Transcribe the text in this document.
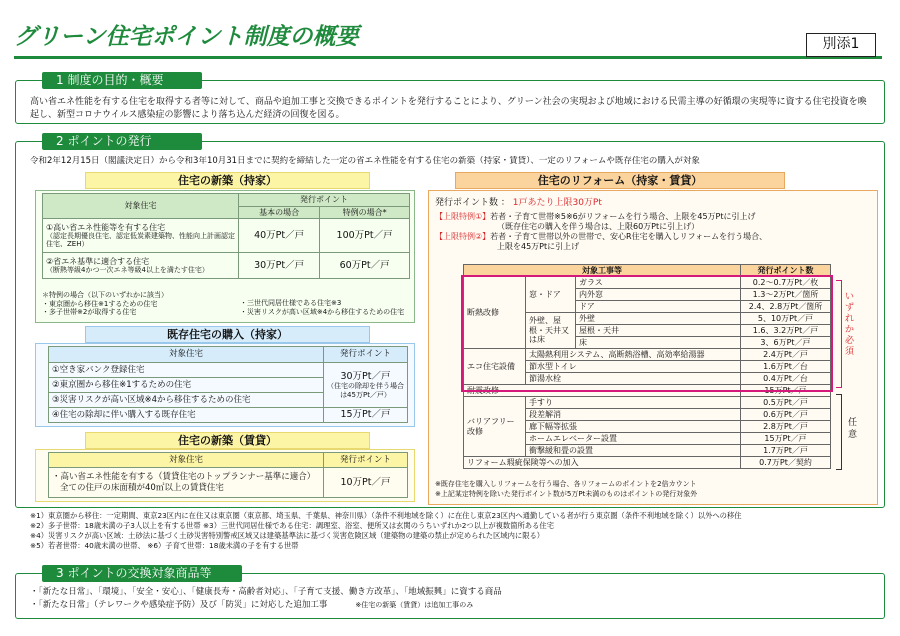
グリーン住宅ポイント制度の概要	別添1
1 制度の目的・概要
高い省エネ性能を有する住宅を取得する者等に対して、商品や追加工事と交換できるポイントを発行することにより、グリーン社会の実現および地域における民需主導の好循環の実現等に資する住宅投資を喚起し、新型コロナウイルス感染症の影響により落ち込んだ経済の回復を図る。
2 ポイントの発行
令和2年12月15日（閣議決定日）から令和3年10月31日までに契約を締結した一定の省エネ性能を有する住宅の新築（持家・賃貸）、一定のリフォームや既存住宅の購入が対象
住宅の新築（持家）
対象住宅	発行ポイント	
	基本の場合	特例の場合*

①高い省エネ性能等を有する住宅
（認定長期優良住宅、認定低炭素建築物、性能向上計画認定住宅、ZEH）	40万Pt／戸	100万Pt／戸

②省エネ基準に適合する住宅
（断熱等級4かつ一次エネ等級4以上を満たす住宅）	30万Pt／戸	60万Pt／戸
＊特例の場合（以下のいずれかに該当）
・東京圏から移住※1するための住宅
・多子世帯※2が取得する住宅
・三世代同居仕様である住宅※3
・災害リスクが高い区域※4から移住するための住宅
既存住宅の購入（持家）
対象住宅	発行ポイント
①空き家バンク登録住宅	30万Pt／戸
（住宅の除却を伴う場合は45万Pt／戸）

②東京圏から移住※1するための住宅	
③災害リスクが高い区域※4から移住するための住宅	
④住宅の除却に伴い購入する既存住宅	15万Pt／戸
住宅の新築（賃貸）
対象住宅	発行ポイント

・高い省エネ性能を有する（賃貸住宅のトップランナー基準に適合）
全ての住戸の床面積が40㎡以上の賃貸住宅	10万Pt／戸
住宅のリフォーム（持家・賃貸）
発行ポイント数 ： 1戸あたり上限30万Pt
【上限特例①】若者・子育て世帯※5※6がリフォームを行う場合、上限を45万Ptに引上げ
（既存住宅の購入を伴う場合は、上限60万Ptに引上げ）
【上限特例②】若者・子育て世帯以外の世帯で、安心R住宅を購入しリフォームを行う場合、
上限を45万Ptに引上げ
対象工事等			発行ポイント数
断熱改修	窓・ドア	ガラス	0.2～0.7万Pt／枚
		内外窓	1.3～2万Pt／箇所
		ドア	2.4、2.8万Pt／箇所
	外壁、屋根・天井又は床	外壁	5、10万Pt／戸
		屋根・天井	1.6、3.2万Pt／戸
		床	3、6万Pt／戸
エコ住宅設備	太陽熱利用システム、高断熱浴槽、高効率給湯器		2.4万Pt／戸
	節水型トイレ		1.6万Pt／台
	節湯水栓		0.4万Pt／台
耐震改修			15万Pt／戸
バリアフリー改修	手すり		0.5万Pt／戸
	段差解消		0.6万Pt／戸
	廊下幅等拡張		2.8万Pt／戸
	ホームエレベーター設置		15万Pt／戸
	衝撃緩和畳の設置		1.7万Pt／戸
リフォーム瑕疵保険等への加入			0.7万Pt／契約
いずれか必須
任意
※既存住宅を購入しリフォームを行う場合、各リフォームのポイントを2倍カウント
※上記某定特例を除いた発行ポイント数が5万Pt未満のものはポイントの発行対象外
※1）東京圏から移住：一定期間、東京23区内に在住又は東京圏（東京都、埼玉県、千葉県、神奈川県）（条件不利地域を除く）に在住し東京23区内へ通勤している者が行う東京圏（条件不利地域を除く）以外への移住
※2）多子世帯：18歳未満の子3人以上を有する世帯 ※3）三世代同居仕様である住宅：調理室、浴室、便所又は玄関のうちいずれか2つ以上が複数箇所ある住宅
※4）災害リスクが高い区域：土砂法に基づく土砂災害特別警戒区域又は建築基準法に基づく災害危険区域（建築物の建築の禁止が定められた区域内に限る）
※5）若者世帯：40歳未満の世帯、 ※6）子育て世帯：18歳未満の子を有する世帯
3 ポイントの交換対象商品等
・「新たな日常」、「環境」、「安全・安心」、「健康長寿・高齢者対応」、「子育て支援、働き方改革」、「地域振興」に資する商品
・「新たな日常」（テレワークや感染症予防）及び「防災」に対応した追加工事	※住宅の新築（賃貸）は追加工事のみ
